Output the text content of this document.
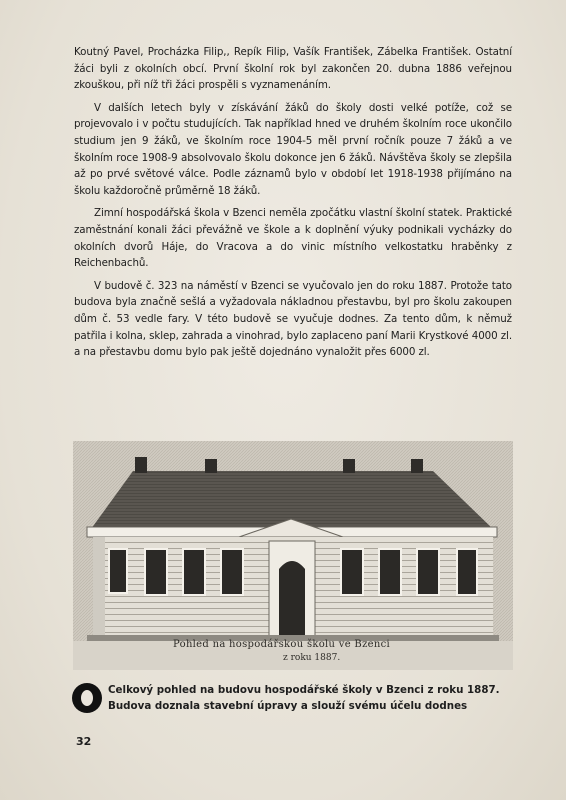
Koutný Pavel, Procházka Filip,, Repík Filip, Vašík František, Zábelka František. Ostatní žáci byli z okolních obcí. První školní rok byl zakončen 20. dubna 1886 veřejnou zkouškou, při níž tři žáci prospěli s vyznamenáním.

V dalších letech byly v získávání žáků do školy dosti velké potíže, což se projevovalo i v počtu studujících. Tak například hned ve druhém školním roce ukončilo studium jen 9 žáků, ve školním roce 1904-5 měl první ročník pouze 7 žáků a ve školním roce 1908-9 absolvovalo školu dokonce jen 6 žáků. Návštěva školy se zlepšila až po prvé světové válce. Podle záznamů bylo v období let 1918-1938 přijímáno na školu každoročně průměrně 18 žáků.

Zimní hospodářská škola v Bzenci neměla zpočátku vlastní školní statek. Praktické zaměstnání konali žáci převážně ve škole a k doplnění výuky podnikali vycházky do okolních dvorů Háje, do Vracova a do vinic místního velkostatku hraběnky z Reichenbachů.

V budově č. 323 na náměstí v Bzenci se vyučovalo jen do roku 1887. Protože tato budova byla značně sešlá a vyžadovala nákladnou přestavbu, byl pro školu zakoupen dům č. 53 vedle fary. V této budově se vyučuje dodnes. Za tento dům, k němuž patřila i kolna, sklep, zahrada a vinohrad, bylo zaplaceno paní Marii Krystkové 4000 zl. a na přestavbu domu bylo pak ještě dojednáno vynaložit přes 6000 zl.

Pohled na hospodářskou školu ve Bzenci
z roku 1887.
Celkový pohled na budovu hospodářské školy v Bzenci z roku 1887. Budova doznala stavební úpravy a slouží svému účelu dodnes
32
